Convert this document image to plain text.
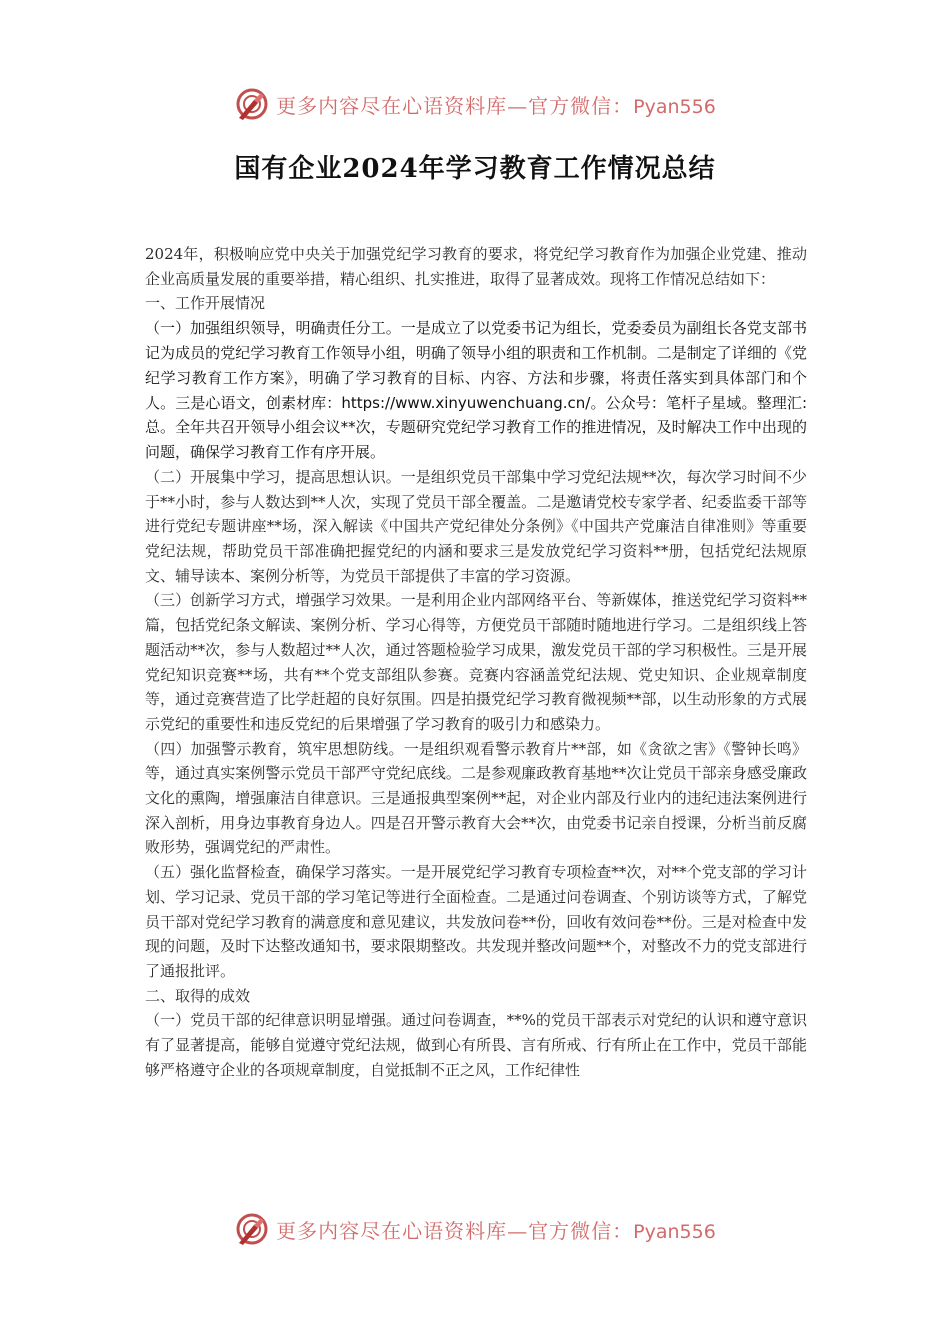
更多内容尽在心语资料库—官方微信：Pyan556
国有企业2024年学习教育工作情况总结

2024年，积极响应党中央关于加强党纪学习教育的要求，将党纪学习教育作为加强企业党建、推动企业高质量发展的重要举措，精心组织、扎实推进，取得了显著成效。现将工作情况总结如下：

一、工作开展情况

（一）加强组织领导，明确责任分工。一是成立了以党委书记为组长，党委委员为副组长各党支部书记为成员的党纪学习教育工作领导小组，明确了领导小组的职责和工作机制。二是制定了详细的《党纪学习教育工作方案》，明确了学习教育的目标、内容、方法和步骤，将责任落实到具体部门和个人。三是心语文，创素材库：https://www.xinyuwenchuang.cn/。公众号：笔杆子星域。整理汇:总。全年共召开领导小组会议**次，专题研究党纪学习教育工作的推进情况，及时解决工作中出现的问题，确保学习教育工作有序开展。

（二）开展集中学习，提高思想认识。一是组织党员干部集中学习党纪法规**次，每次学习时间不少于**小时，参与人数达到**人次，实现了党员干部全覆盖。二是邀请党校专家学者、纪委监委干部等进行党纪专题讲座**场，深入解读《中国共产党纪律处分条例》《中国共产党廉洁自律准则》等重要党纪法规，帮助党员干部准确把握党纪的内涵和要求三是发放党纪学习资料**册，包括党纪法规原文、辅导读本、案例分析等，为党员干部提供了丰富的学习资源。

（三）创新学习方式，增强学习效果。一是利用企业内部网络平台、等新媒体，推送党纪学习资料**篇，包括党纪条文解读、案例分析、学习心得等，方便党员干部随时随地进行学习。二是组织线上答题活动**次，参与人数超过**人次，通过答题检验学习成果，激发党员干部的学习积极性。三是开展党纪知识竞赛**场，共有**个党支部组队参赛。竞赛内容涵盖党纪法规、党史知识、企业规章制度等，通过竞赛营造了比学赶超的良好氛围。四是拍摄党纪学习教育微视频**部，以生动形象的方式展示党纪的重要性和违反党纪的后果增强了学习教育的吸引力和感染力。

（四）加强警示教育，筑牢思想防线。一是组织观看警示教育片**部，如《贪欲之害》《警钟长鸣》等，通过真实案例警示党员干部严守党纪底线。二是参观廉政教育基地**次让党员干部亲身感受廉政文化的熏陶，增强廉洁自律意识。三是通报典型案例**起，对企业内部及行业内的违纪违法案例进行深入剖析，用身边事教育身边人。四是召开警示教育大会**次，由党委书记亲自授课，分析当前反腐败形势，强调党纪的严肃性。

（五）强化监督检查，确保学习落实。一是开展党纪学习教育专项检查**次，对**个党支部的学习计划、学习记录、党员干部的学习笔记等进行全面检查。二是通过问卷调查、个别访谈等方式，了解党员干部对党纪学习教育的满意度和意见建议，共发放问卷**份，回收有效问卷**份。三是对检查中发现的问题，及时下达整改通知书，要求限期整改。共发现并整改问题**个，对整改不力的党支部进行了通报批评。

二、取得的成效

（一）党员干部的纪律意识明显增强。通过问卷调查，**%的党员干部表示对党纪的认识和遵守意识有了显著提高，能够自觉遵守党纪法规，做到心有所畏、言有所戒、行有所止在工作中，党员干部能够严格遵守企业的各项规章制度，自觉抵制不正之风，工作纪律性

更多内容尽在心语资料库—官方微信：Pyan556
